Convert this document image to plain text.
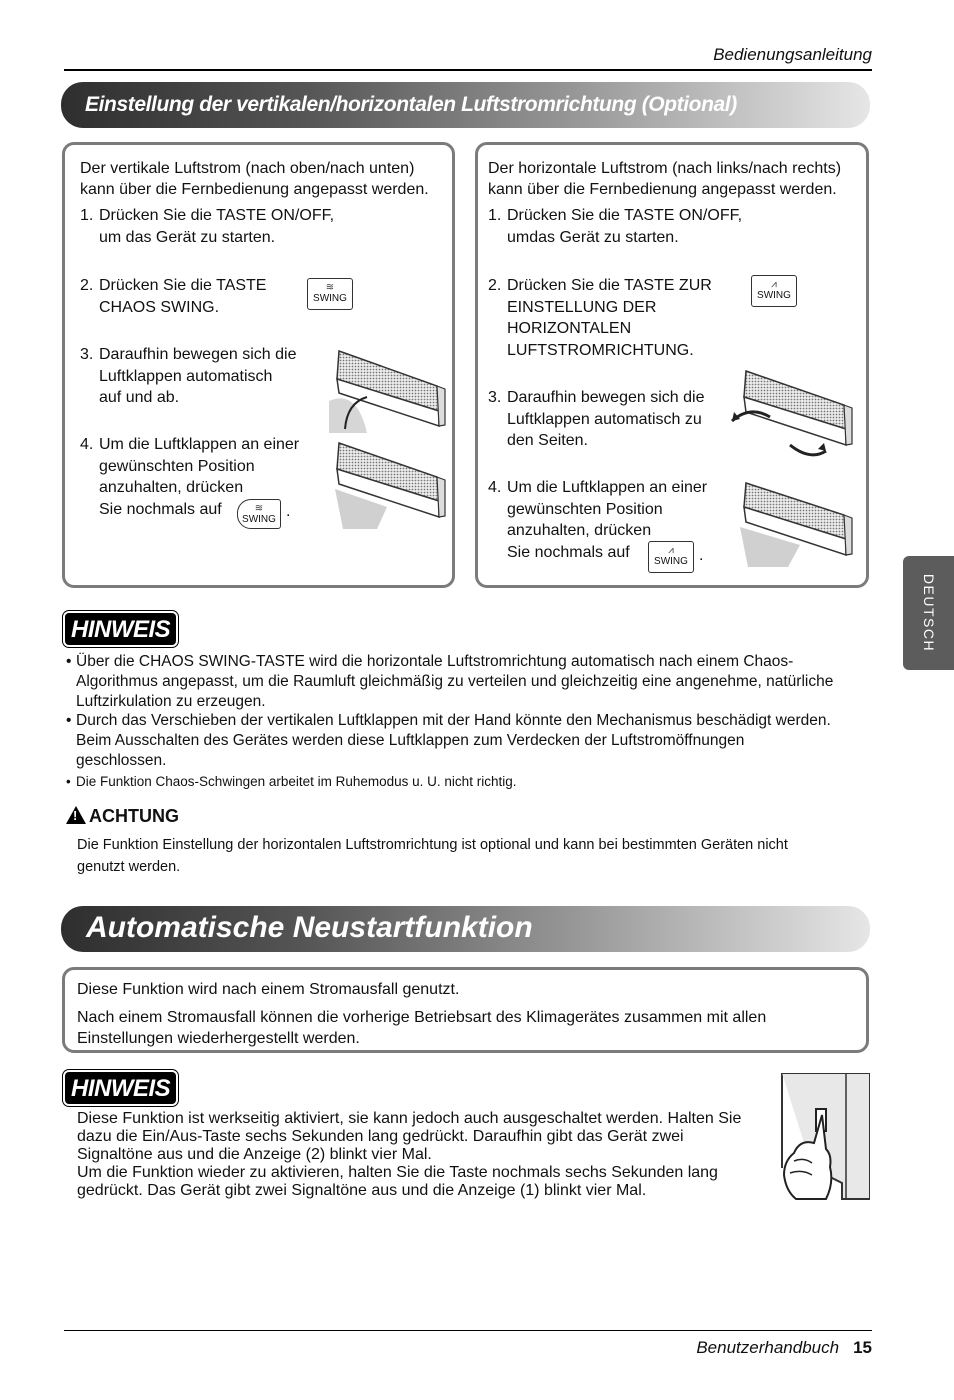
Bedienungsanleitung
Einstellung der vertikalen/horizontalen Luftstromrichtung (Optional)
Der vertikale Luftstrom (nach oben/nach unten)
kann über die Fernbedienung angepasst werden.
1. Drücken Sie die TASTE ON/OFF,
um das Gerät zu starten.
2. Drücken Sie die TASTE
CHAOS SWING.
≋
SWING
3. Daraufhin bewegen sich die
Luftklappen automatisch
auf und ab.
4. Um die Luftklappen an einer
gewünschten Position
anzuhalten, drücken
Sie nochmals auf	≋
SWING .
Der horizontale Luftstrom (nach links/nach rechts)
kann über die Fernbedienung angepasst werden.
1. Drücken Sie die TASTE ON/OFF,
umdas Gerät zu starten.
2. Drücken Sie die TASTE ZUR
EINSTELLUNG DER
HORIZONTALEN
LUFTSTROMRICHTUNG.
⩘
SWING
3. Daraufhin bewegen sich die
Luftklappen automatisch zu
den Seiten.
4. Um die Luftklappen an einer
gewünschten Position
anzuhalten, drücken
Sie nochmals auf	⩘
SWING .
HINWEIS
• Über die CHAOS SWING-TASTE wird die horizontale Luftstromrichtung automatisch nach einem Chaos-
Algorithmus angepasst, um die Raumluft gleichmäßig zu verteilen und gleichzeitig eine angenehme, natürliche
Luftzirkulation zu erzeugen.
• Durch das Verschieben der vertikalen Luftklappen mit der Hand könnte den Mechanismus beschädigt werden.
Beim Ausschalten des Gerätes werden diese Luftklappen zum Verdecken der Luftstromöffnungen
geschlossen.
• Die Funktion Chaos-Schwingen arbeitet im Ruhemodus u. U. nicht richtig.
!ACHTUNG
Die Funktion Einstellung der horizontalen Luftstromrichtung ist optional und kann bei bestimmten Geräten nicht
genutzt werden.
Automatische Neustartfunktion
Diese Funktion wird nach einem Stromausfall genutzt.
Nach einem Stromausfall können die vorherige Betriebsart des Klimagerätes zusammen mit allen
Einstellungen wiederhergestellt werden.
HINWEIS
Diese Funktion ist werkseitig aktiviert, sie kann jedoch auch ausgeschaltet werden. Halten Sie
dazu die Ein/Aus-Taste sechs Sekunden lang gedrückt. Daraufhin gibt das Gerät zwei
Signaltöne aus und die Anzeige (2) blinkt vier Mal.
Um die Funktion wieder zu aktivieren, halten Sie die Taste nochmals sechs Sekunden lang
gedrückt. Das Gerät gibt zwei Signaltöne aus und die Anzeige (1) blinkt vier Mal.
DEUTSCH
Benutzerhandbuch 15
